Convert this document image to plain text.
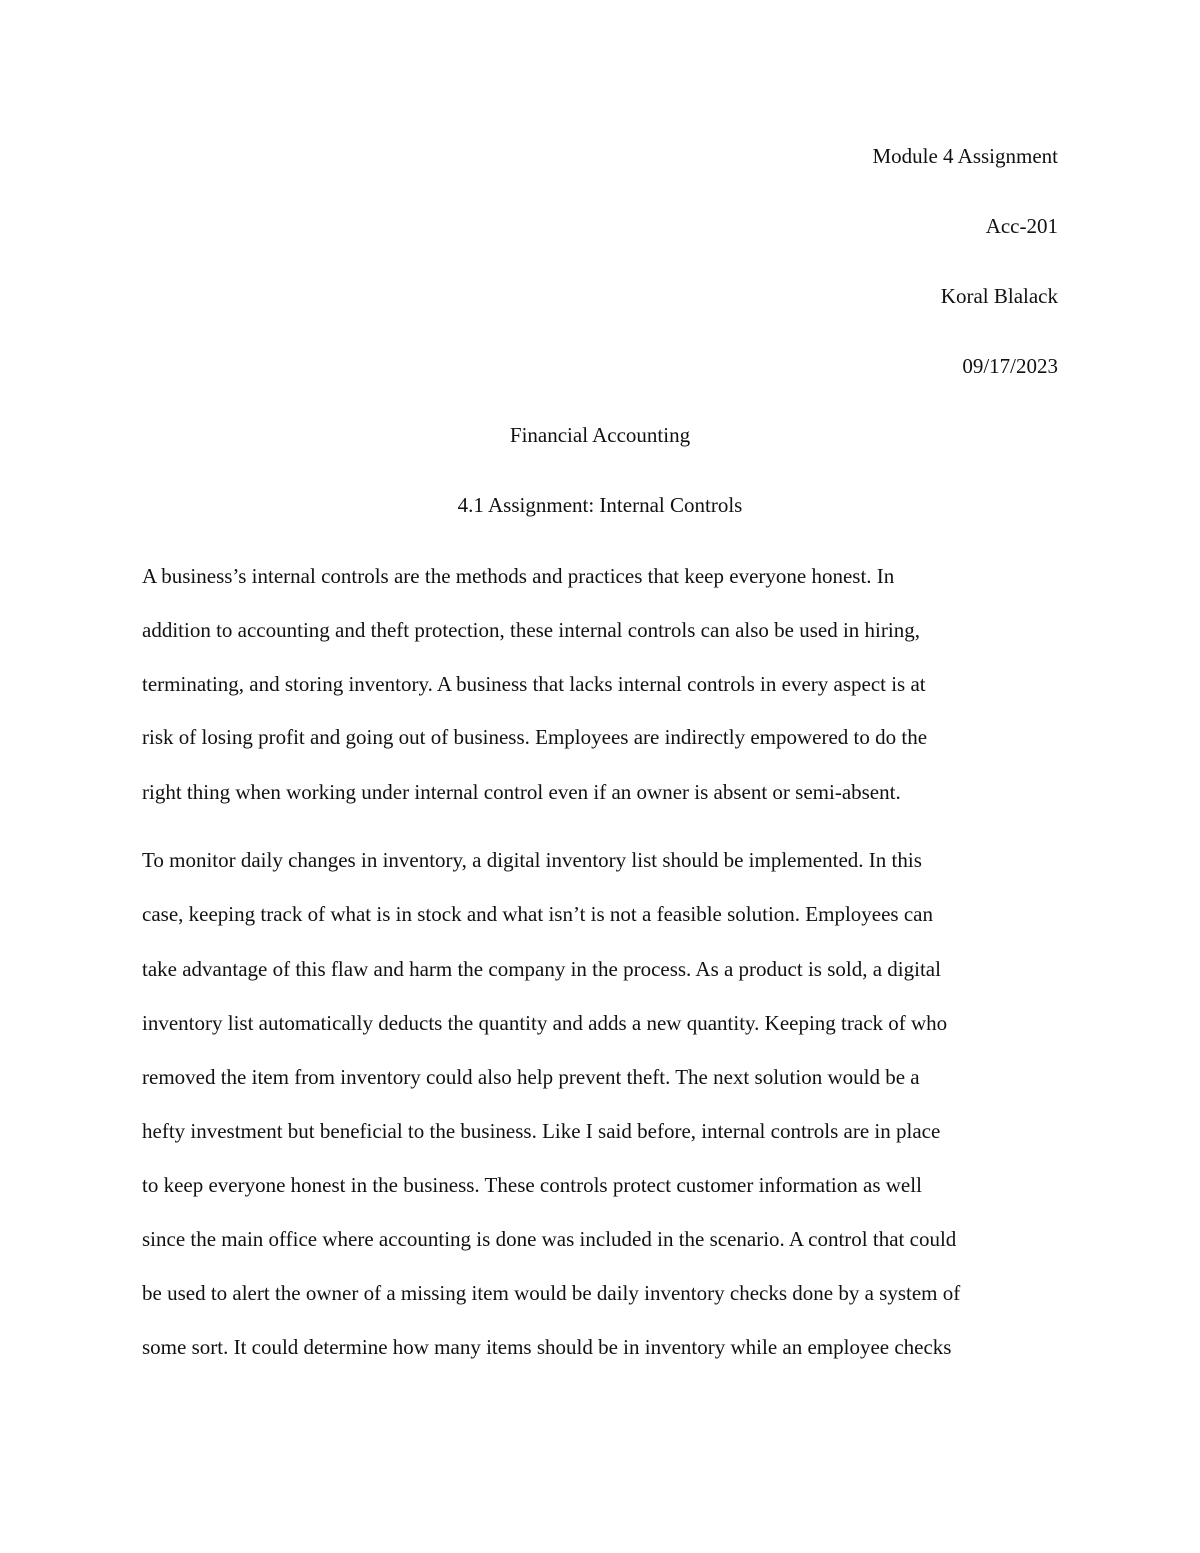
Module 4 Assignment
Acc-201
Koral Blalack
09/17/2023
Financial Accounting
4.1 Assignment: Internal Controls
A business’s internal controls are the methods and practices that keep everyone honest. In
addition to accounting and theft protection, these internal controls can also be used in hiring,
terminating, and storing inventory. A business that lacks internal controls in every aspect is at
risk of losing profit and going out of business. Employees are indirectly empowered to do the
right thing when working under internal control even if an owner is absent or semi-absent.
To monitor daily changes in inventory, a digital inventory list should be implemented. In this
case, keeping track of what is in stock and what isn’t is not a feasible solution. Employees can
take advantage of this flaw and harm the company in the process. As a product is sold, a digital
inventory list automatically deducts the quantity and adds a new quantity. Keeping track of who
removed the item from inventory could also help prevent theft. The next solution would be a
hefty investment but beneficial to the business. Like I said before, internal controls are in place
to keep everyone honest in the business. These controls protect customer information as well
since the main office where accounting is done was included in the scenario. A control that could
be used to alert the owner of a missing item would be daily inventory checks done by a system of
some sort. It could determine how many items should be in inventory while an employee checks
